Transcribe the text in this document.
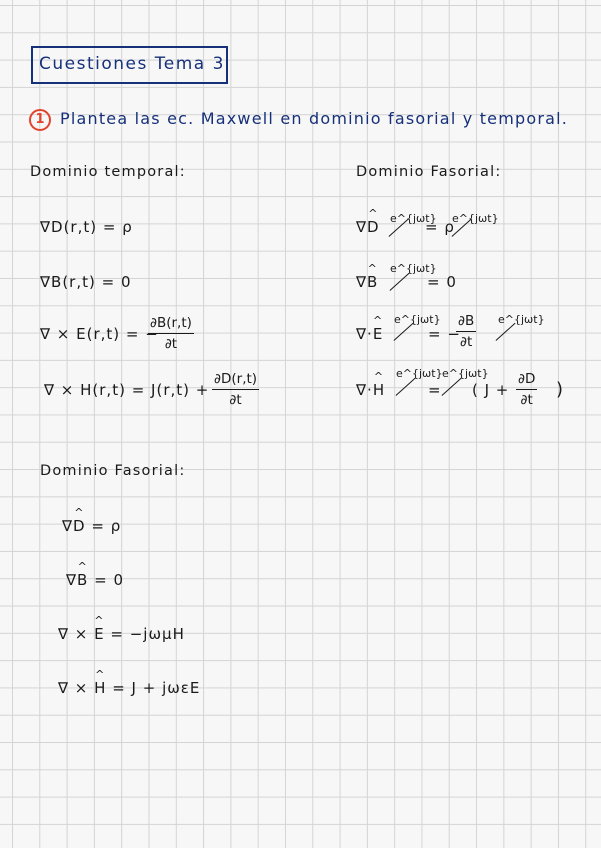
Cuestiones Tema 3
1 Plantea las ec. Maxwell en dominio fasorial y temporal.
Dominio temporal:
∇D(r,t) = ρ
∇B(r,t) = 0
∇ × E(r,t) = −
∂B(r,t)
∂t
∇ × H(r,t) = J(r,t) +
∂D(r,t)
∂t
Dominio Fasorial:
∇^ D e^{jωt}
= ρ
e^{jωt}
∇^ B
e^{jωt}
= 0
∇·^ E
e^{jωt}
= −
∂B
∂t
e^{jωt}
∇·^ H
e^{jωt}
=
e^{jωt}
( J +
∂D
∂t )
Dominio Fasorial:
∇^ D = ρ
∇^ B = 0
∇ × ^ E = −jωμH
∇ × ^ H = J + jωεE
